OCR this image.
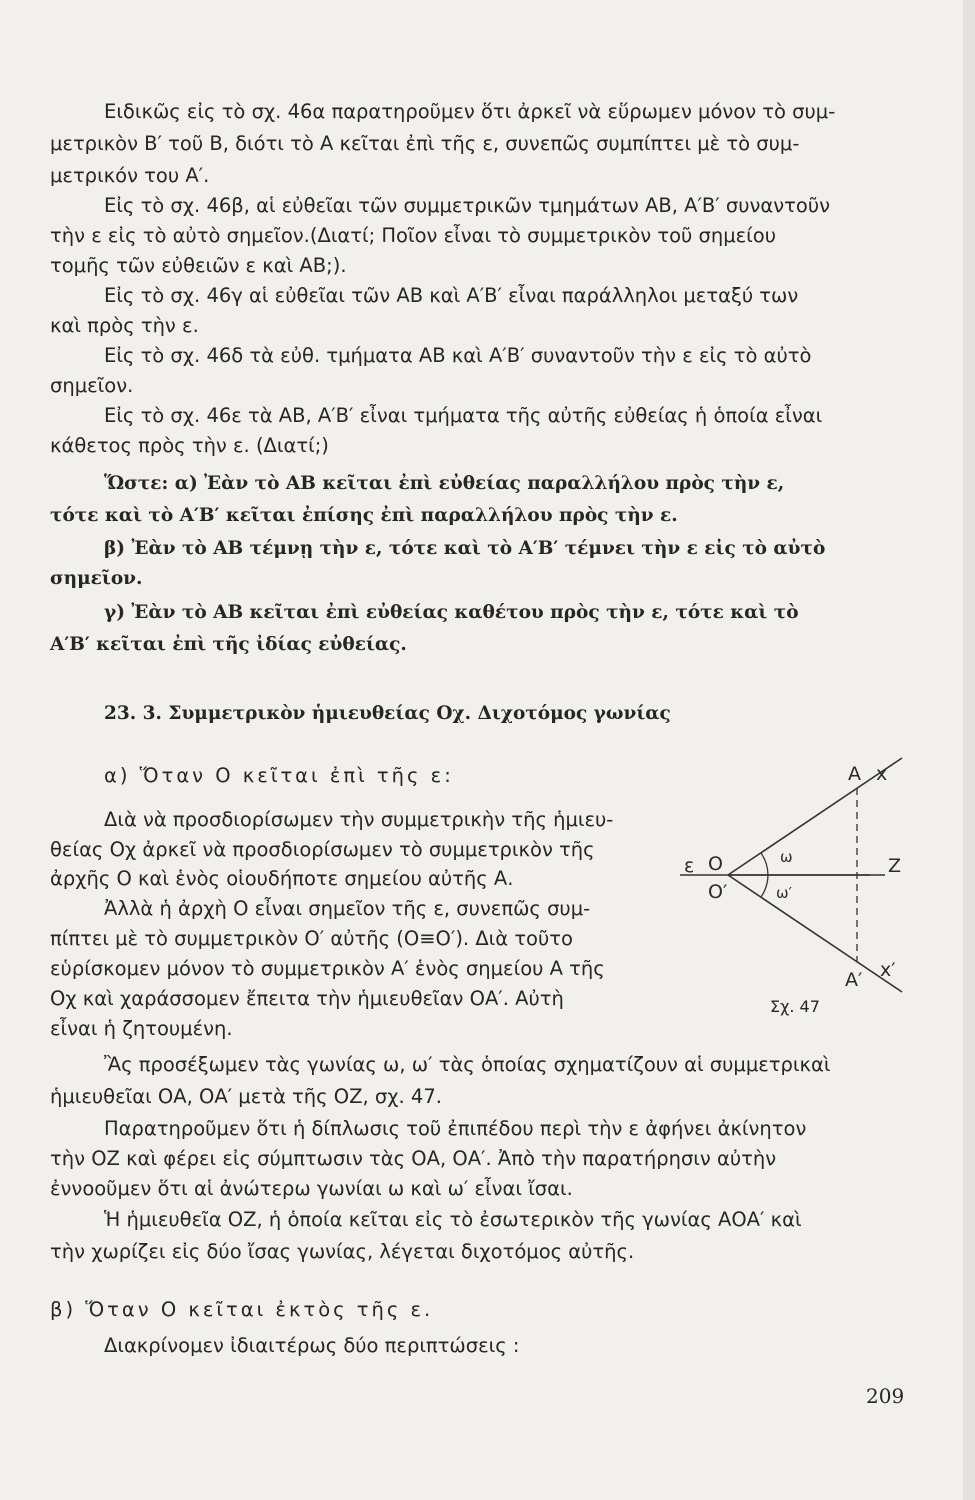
Ειδικῶς εἰς τὸ σχ. 46α παρατηροῦμεν ὅτι ἀρκεῖ νὰ εὕρωμεν μόνον τὸ συμ-

μετρικὸν Β′ τοῦ Β, διότι τὸ Α κεῖται ἐπὶ τῆς ε, συνεπῶς συμπίπτει μὲ τὸ συμ-

μετρικόν του Α′.

Εἰς τὸ σχ. 46β, αἱ εὐθεῖαι τῶν συμμετρικῶν τμημάτων ΑΒ, Α′Β′ συναντοῦν

τὴν ε εἰς τὸ αὐτὸ σημεῖον.(Διατί; Ποῖον εἶναι τὸ συμμετρικὸν τοῦ σημείου

τομῆς τῶν εὐθειῶν ε καὶ ΑΒ;).

Εἰς τὸ σχ. 46γ αἱ εὐθεῖαι τῶν ΑΒ καὶ Α′Β′ εἶναι παράλληλοι μεταξύ των

καὶ πρὸς τὴν ε.

Εἰς τὸ σχ. 46δ τὰ εὐθ. τμήματα ΑΒ καὶ Α′Β′ συναντοῦν τὴν ε εἰς τὸ αὐτὸ

σημεῖον.

Εἰς τὸ σχ. 46ε τὰ ΑΒ, Α′Β′ εἶναι τμήματα τῆς αὐτῆς εὐθείας ἡ ὁποία εἶναι

κάθετος πρὸς τὴν ε. (Διατί;)

Ὥστε: α) Ἐὰν τὸ ΑΒ κεῖται ἐπὶ εὐθείας παραλλήλου πρὸς τὴν ε,

τότε καὶ τὸ Α′Β′ κεῖται ἐπίσης ἐπὶ παραλλήλου πρὸς τὴν ε.

β) Ἐὰν τὸ ΑΒ τέμνῃ τὴν ε, τότε καὶ τὸ Α′Β′ τέμνει τὴν ε εἰς τὸ αὐτὸ

σημεῖον.

γ) Ἐὰν τὸ ΑΒ κεῖται ἐπὶ εὐθείας καθέτου πρὸς τὴν ε, τότε καὶ τὸ

Α′Β′ κεῖται ἐπὶ τῆς ἰδίας εὐθείας.

23. 3. Συμμετρικὸν ἡμιευθείας Οχ. Διχοτόμος γωνίας

α) Ὅταν Ο κεῖται ἐπὶ τῆς ε:

Διὰ νὰ προσδιορίσωμεν τὴν συμμετρικὴν τῆς ἡμιευ-

θείας Οχ ἀρκεῖ νὰ προσδιορίσωμεν τὸ συμμετρικὸν τῆς

ἀρχῆς Ο καὶ ἑνὸς οἱουδήποτε σημείου αὐτῆς Α.

Ἀλλὰ ἡ ἀρχὴ Ο εἶναι σημεῖον τῆς ε, συνεπῶς συμ-

πίπτει μὲ τὸ συμμετρικὸν Ο′ αὐτῆς (Ο≡Ο′). Διὰ τοῦτο

εὑρίσκομεν μόνον τὸ συμμετρικὸν Α′ ἑνὸς σημείου Α τῆς

Οχ καὶ χαράσσομεν ἔπειτα τὴν ἡμιευθεῖαν ΟΑ′. Αὐτὴ

εἶναι ἡ ζητουμένη.

Ἂς προσέξωμεν τὰς γωνίας ω, ω′ τὰς ὁποίας σχηματίζουν αἱ συμμετρικαὶ

ἡμιευθεῖαι ΟΑ, ΟΑ′ μετὰ τῆς ΟΖ, σχ. 47.

Παρατηροῦμεν ὅτι ἡ δίπλωσις τοῦ ἐπιπέδου περὶ τὴν ε ἀφήνει ἀκίνητον

τὴν ΟΖ καὶ φέρει εἰς σύμπτωσιν τὰς ΟΑ, ΟΑ′. Ἀπὸ τὴν παρατήρησιν αὐτὴν

ἐννοοῦμεν ὅτι αἱ ἀνώτερω γωνίαι ω καὶ ω′ εἶναι ἴσαι.

Ἡ ἡμιευθεῖα ΟΖ, ἡ ὁποία κεῖται εἰς τὸ ἐσωτερικὸν τῆς γωνίας ΑΟΑ′ καὶ

τὴν χωρίζει εἰς δύο ἴσας γωνίας, λέγεται διχοτόμος αὐτῆς.

β) Ὅταν Ο κεῖται ἐκτὸς τῆς ε.

Διακρίνομεν ἰδιαιτέρως δύο περιπτώσεις :

ε O
O′
A x
Z
ω
ω′
A′ x′
Σχ. 47
209
